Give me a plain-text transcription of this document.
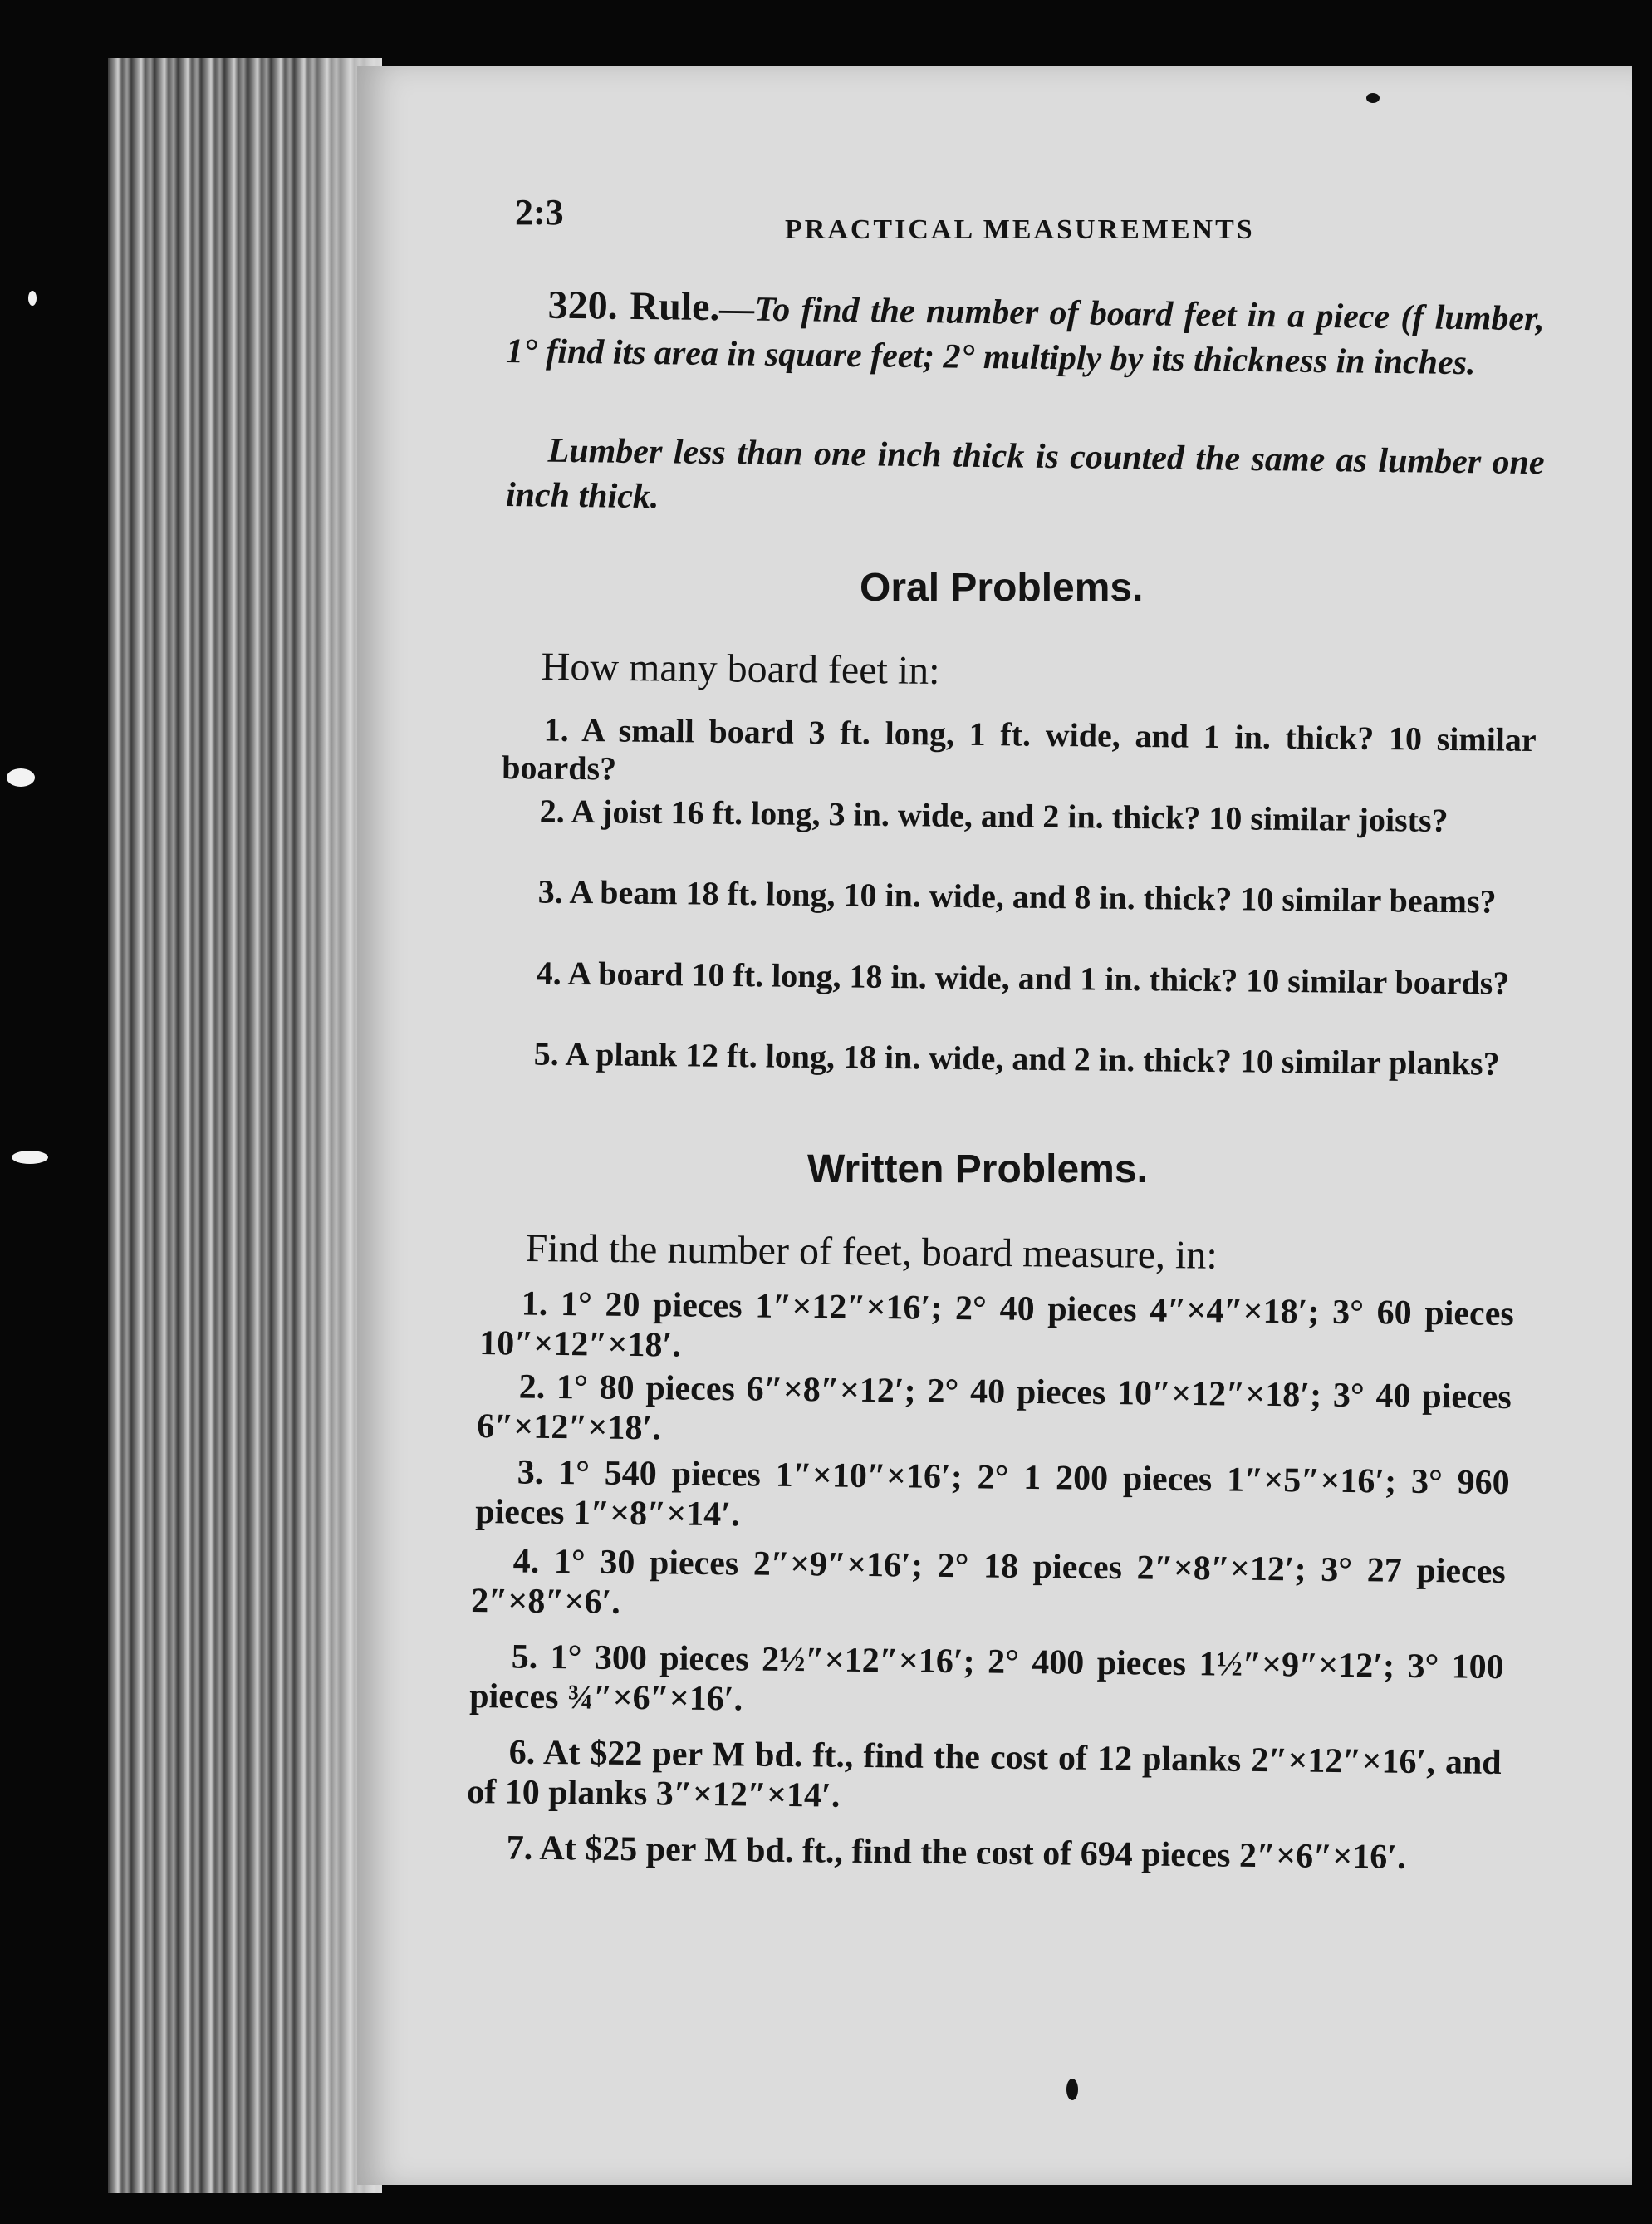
2:3	PRACTICAL MEASUREMENTS
320. Rule.—To find the number of board feet in a piece (f lumber, 1° find its area in square feet; 2° multiply by its thickness in inches.
Lumber less than one inch thick is counted the same as lumber one inch thick.
Oral Problems.
How many board feet in:
1. A small board 3 ft. long, 1 ft. wide, and 1 in. thick? 10 similar boards?
2. A joist 16 ft. long, 3 in. wide, and 2 in. thick? 10 similar joists?
3. A beam 18 ft. long, 10 in. wide, and 8 in. thick? 10 similar beams?
4. A board 10 ft. long, 18 in. wide, and 1 in. thick? 10 similar boards?
5. A plank 12 ft. long, 18 in. wide, and 2 in. thick? 10 similar planks?
Written Problems.
Find the number of feet, board measure, in:
1. 1° 20 pieces 1″×12″×16′; 2° 40 pieces 4″×4″×18′; 3° 60 pieces 10″×12″×18′.
2. 1° 80 pieces 6″×8″×12′; 2° 40 pieces 10″×12″×18′; 3° 40 pieces 6″×12″×18′.
3. 1° 540 pieces 1″×10″×16′; 2° 1 200 pieces 1″×5″×16′; 3° 960 pieces 1″×8″×14′.
4. 1° 30 pieces 2″×9″×16′; 2° 18 pieces 2″×8″×12′; 3° 27 pieces 2″×8″×6′.
5. 1° 300 pieces 2½″×12″×16′; 2° 400 pieces 1½″×9″×12′; 3° 100 pieces ¾″×6″×16′.
6. At $22 per M bd. ft., find the cost of 12 planks 2″×12″×16′, and of 10 planks 3″×12″×14′.
7. At $25 per M bd. ft., find the cost of 694 pieces 2″×6″×16′.
